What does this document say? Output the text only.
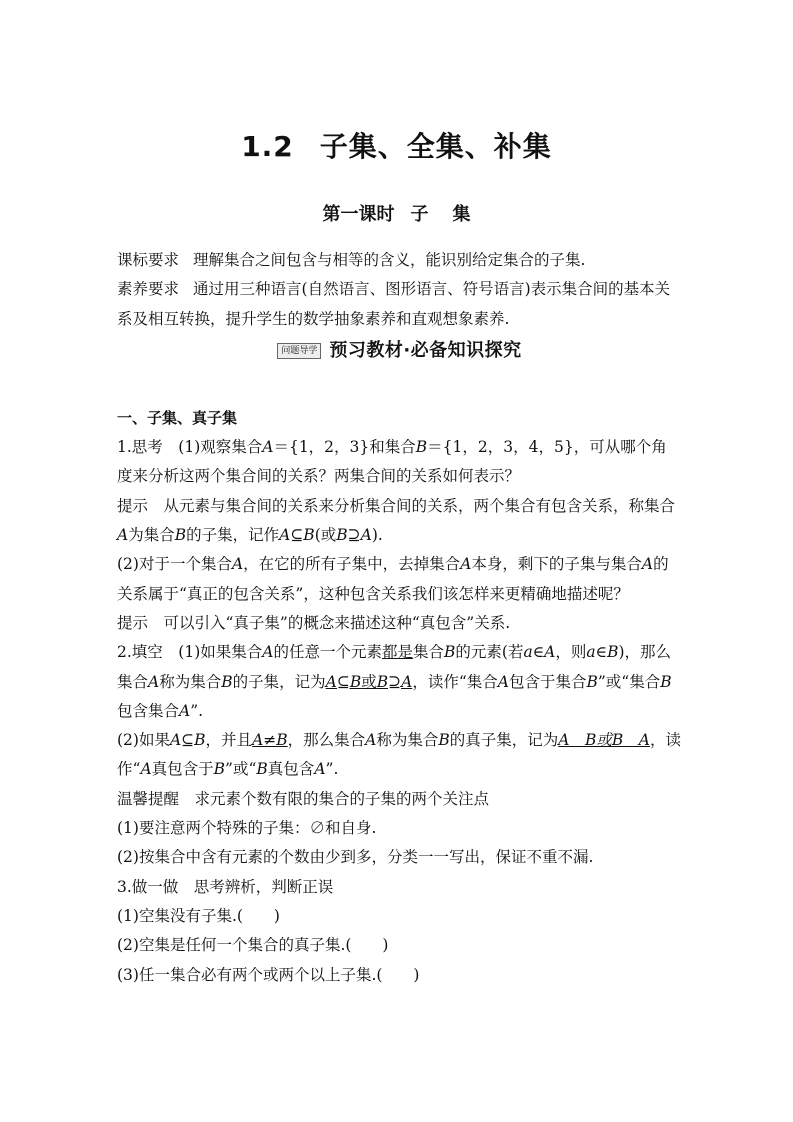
1.2 子集、全集、补集
第一课时 子 集

课标要求 理解集合之间包含与相等的含义，能识别给定集合的子集.

素养要求 通过用三种语言(自然语言、图形语言、符号语言)表示集合间的基本关系及相互转换，提升学生的数学抽象素养和直观想象素养.

问题导学 预习教材·必备知识探究

一、子集、真子集

1.思考　(1)观察集合A＝{1，2，3}和集合B＝{1，2，3，4，5}，可从哪个角度来分析这两个集合间的关系？两集合间的关系如何表示？

提示　从元素与集合间的关系来分析集合间的关系，两个集合有包含关系，称集合A为集合B的子集，记作A⊆B(或B⊇A).

(2)对于一个集合A，在它的所有子集中，去掉集合A本身，剩下的子集与集合A的关系属于“真正的包含关系”，这种包含关系我们该怎样来更精确地描述呢？

提示　可以引入“真子集”的概念来描述这种“真包含”关系.

2.填空　(1)如果集合A的任意一个元素都是集合B的元素(若a∈A，则a∈B)，那么集合A称为集合B的子集，记为A⊆B或B⊇A，读作“集合A包含于集合B”或“集合B包含集合A”.

(2)如果A⊆B，并且A≠B，那么集合A称为集合B的真子集，记为A　B或B　A，读作“A真包含于B”或“B真包含A”.

温馨提醒　求元素个数有限的集合的子集的两个关注点

(1)要注意两个特殊的子集：∅和自身.

(2)按集合中含有元素的个数由少到多，分类一一写出，保证不重不漏.

3.做一做　思考辨析，判断正误

(1)空集没有子集.(　　)

(2)空集是任何一个集合的真子集.(　　)

(3)任一集合必有两个或两个以上子集.(　　)
